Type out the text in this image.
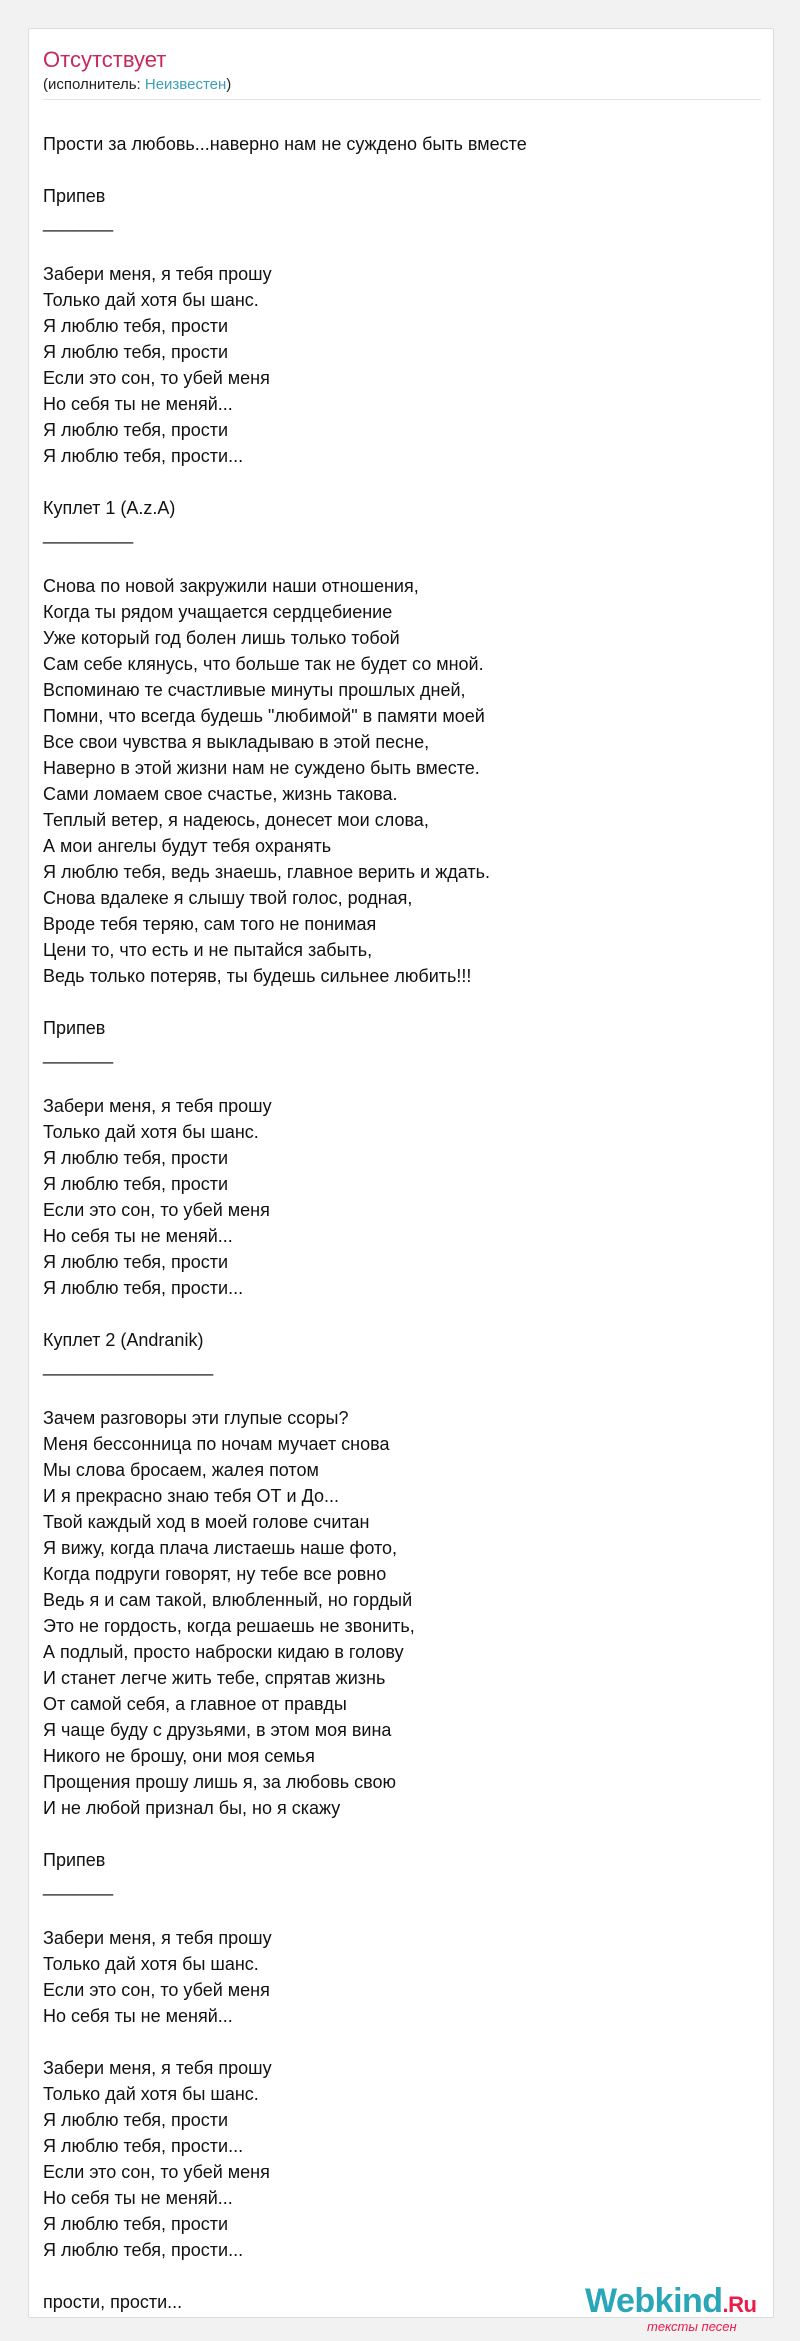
Отсутствует
(исполнитель: Неизвестен)
Прости за любовь...наверно нам не суждено быть вместе
Припев
_______
Забери меня, я тебя прошу
Только дай хотя бы шанс.
Я люблю тебя, прости
Я люблю тебя, прости
Если это сон, то убей меня
Но себя ты не меняй...
Я люблю тебя, прости
Я люблю тебя, прости...
Куплет 1 (A.z.A)
_________
Снова по новой закружили наши отношения,
Когда ты рядом учащается сердцебиение
Уже который год болен лишь только тобой
Сам себе клянусь, что больше так не будет со мной.
Вспоминаю те счастливые минуты прошлых дней,
Помни, что всегда будешь "любимой" в памяти моей
Все свои чувства я выкладываю в этой песне,
Наверно в этой жизни нам не суждено быть вместе.
Сами ломаем свое счастье, жизнь такова.
Теплый ветер, я надеюсь, донесет мои слова,
А мои ангелы будут тебя охранять
Я люблю тебя, ведь знаешь, главное верить и ждать.
Снова вдалеке я слышу твой голос, родная,
Вроде тебя теряю, сам того не понимая
Цени то, что есть и не пытайся забыть,
Ведь только потеряв, ты будешь сильнее любить!!!
Припев
_______
Забери меня, я тебя прошу
Только дай хотя бы шанс.
Я люблю тебя, прости
Я люблю тебя, прости
Если это сон, то убей меня
Но себя ты не меняй...
Я люблю тебя, прости
Я люблю тебя, прости...
Куплет 2 (Andranik)
_________________
Зачем разговоры эти глупые ссоры?
Меня бессонница по ночам мучает снова
Мы слова бросаем, жалея потом
И я прекрасно знаю тебя ОТ и До...
Твой каждый ход в моей голове считан
Я вижу, когда плача листаешь наше фото,
Когда подруги говорят, ну тебе все ровно
Ведь я и сам такой, влюбленный, но гордый
Это не гордость, когда решаешь не звонить,
А подлый, просто наброски кидаю в голову
И станет легче жить тебе, спрятав жизнь
От самой себя, а главное от правды
Я чаще буду с друзьями, в этом моя вина
Никого не брошу, они моя семья
Прощения прошу лишь я, за любовь свою
И не любой признал бы, но я скажу
Припев
_______
Забери меня, я тебя прошу
Только дай хотя бы шанс.
Если это сон, то убей меня
Но себя ты не меняй...
Забери меня, я тебя прошу
Только дай хотя бы шанс.
Я люблю тебя, прости
Я люблю тебя, прости...
Если это сон, то убей меня
Но себя ты не меняй...
Я люблю тебя, прости
Я люблю тебя, прости...
прости, прости...	Webkind.Ru
тексты песен
